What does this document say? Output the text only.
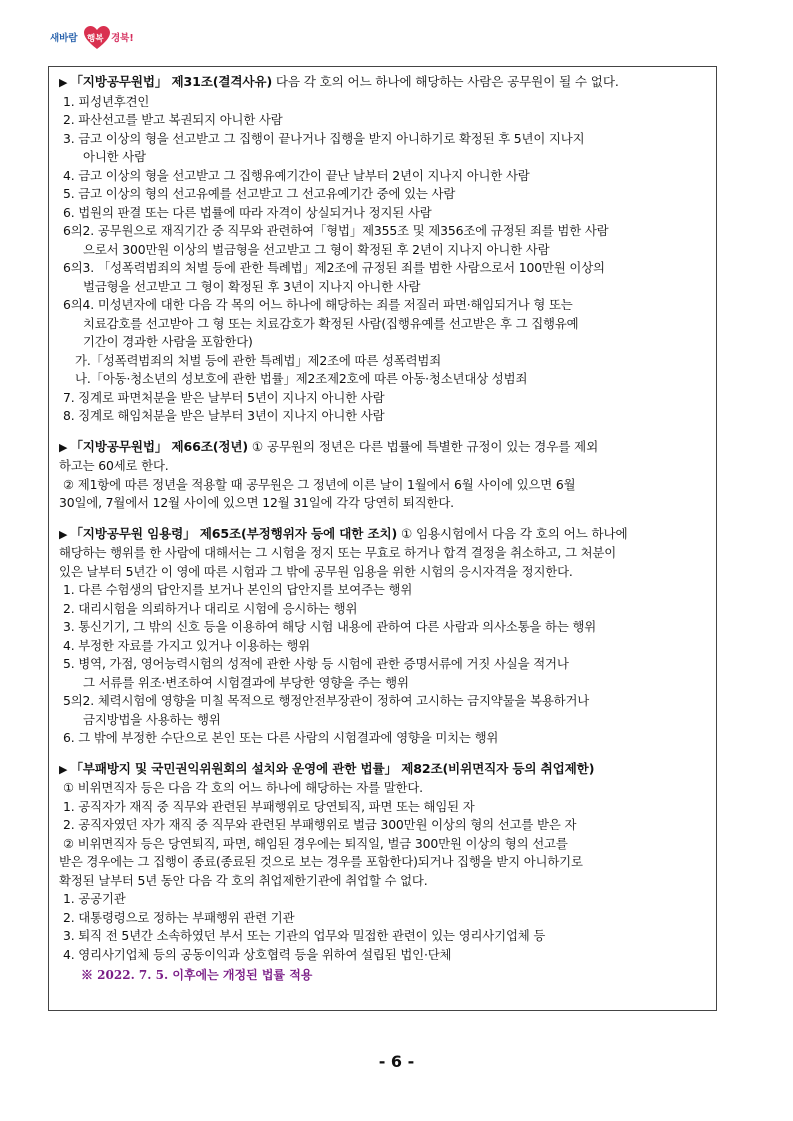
새바람 행복 경북!
▶ 「지방공무원법」 제31조(결격사유) 다음 각 호의 어느 하나에 해당하는 사람은 공무원이 될 수 없다.
1. 피성년후견인
2. 파산선고를 받고 복권되지 아니한 사람
3. 금고 이상의 형을 선고받고 그 집행이 끝나거나 집행을 받지 아니하기로 확정된 후 5년이 지나지
아니한 사람
4. 금고 이상의 형을 선고받고 그 집행유예기간이 끝난 날부터 2년이 지나지 아니한 사람
5. 금고 이상의 형의 선고유예를 선고받고 그 선고유예기간 중에 있는 사람
6. 법원의 판결 또는 다른 법률에 따라 자격이 상실되거나 정지된 사람
6의2. 공무원으로 재직기간 중 직무와 관련하여「형법」제355조 및 제356조에 규정된 죄를 범한 사람
으로서 300만원 이상의 벌금형을 선고받고 그 형이 확정된 후 2년이 지나지 아니한 사람
6의3. 「성폭력범죄의 처벌 등에 관한 특례법」제2조에 규정된 죄를 범한 사람으로서 100만원 이상의
벌금형을 선고받고 그 형이 확정된 후 3년이 지나지 아니한 사람
6의4. 미성년자에 대한 다음 각 목의 어느 하나에 해당하는 죄를 저질러 파면·해임되거나 형 또는
치료감호를 선고받아 그 형 또는 치료감호가 확정된 사람(집행유예를 선고받은 후 그 집행유예
기간이 경과한 사람을 포함한다)
가.「성폭력범죄의 처벌 등에 관한 특례법」제2조에 따른 성폭력범죄
나.「아동·청소년의 성보호에 관한 법률」제2조제2호에 따른 아동·청소년대상 성범죄
7. 징계로 파면처분을 받은 날부터 5년이 지나지 아니한 사람
8. 징계로 해임처분을 받은 날부터 3년이 지나지 아니한 사람
▶ 「지방공무원법」 제66조(정년) ① 공무원의 정년은 다른 법률에 특별한 규정이 있는 경우를 제외
하고는 60세로 한다.
② 제1항에 따른 정년을 적용할 때 공무원은 그 정년에 이른 날이 1월에서 6월 사이에 있으면 6월
30일에, 7월에서 12월 사이에 있으면 12월 31일에 각각 당연히 퇴직한다.
▶ 「지방공무원 임용령」 제65조(부정행위자 등에 대한 조치) ① 임용시험에서 다음 각 호의 어느 하나에
해당하는 행위를 한 사람에 대해서는 그 시험을 정지 또는 무효로 하거나 합격 결정을 취소하고, 그 처분이
있은 날부터 5년간 이 영에 따른 시험과 그 밖에 공무원 임용을 위한 시험의 응시자격을 정지한다.
1. 다른 수험생의 답안지를 보거나 본인의 답안지를 보여주는 행위
2. 대리시험을 의뢰하거나 대리로 시험에 응시하는 행위
3. 통신기기, 그 밖의 신호 등을 이용하여 해당 시험 내용에 관하여 다른 사람과 의사소통을 하는 행위
4. 부정한 자료를 가지고 있거나 이용하는 행위
5. 병역, 가점, 영어능력시험의 성적에 관한 사항 등 시험에 관한 증명서류에 거짓 사실을 적거나
그 서류를 위조·변조하여 시험결과에 부당한 영향을 주는 행위
5의2. 체력시험에 영향을 미칠 목적으로 행정안전부장관이 정하여 고시하는 금지약물을 복용하거나
금지방법을 사용하는 행위
6. 그 밖에 부정한 수단으로 본인 또는 다른 사람의 시험결과에 영향을 미치는 행위
▶ 「부패방지 및 국민권익위원회의 설치와 운영에 관한 법률」 제82조(비위면직자 등의 취업제한)
① 비위면직자 등은 다음 각 호의 어느 하나에 해당하는 자를 말한다.
1. 공직자가 재직 중 직무와 관련된 부패행위로 당연퇴직, 파면 또는 해임된 자
2. 공직자였던 자가 재직 중 직무와 관련된 부패행위로 벌금 300만원 이상의 형의 선고를 받은 자
② 비위면직자 등은 당연퇴직, 파면, 해임된 경우에는 퇴직일, 벌금 300만원 이상의 형의 선고를
받은 경우에는 그 집행이 종료(종료된 것으로 보는 경우를 포함한다)되거나 집행을 받지 아니하기로
확정된 날부터 5년 동안 다음 각 호의 취업제한기관에 취업할 수 없다.
1. 공공기관
2. 대통령령으로 정하는 부패행위 관련 기관
3. 퇴직 전 5년간 소속하였던 부서 또는 기관의 업무와 밀접한 관련이 있는 영리사기업체 등
4. 영리사기업체 등의 공동이익과 상호협력 등을 위하여 설립된 법인·단체
※ 2022. 7. 5. 이후에는 개정된 법률 적용
- 6 -
